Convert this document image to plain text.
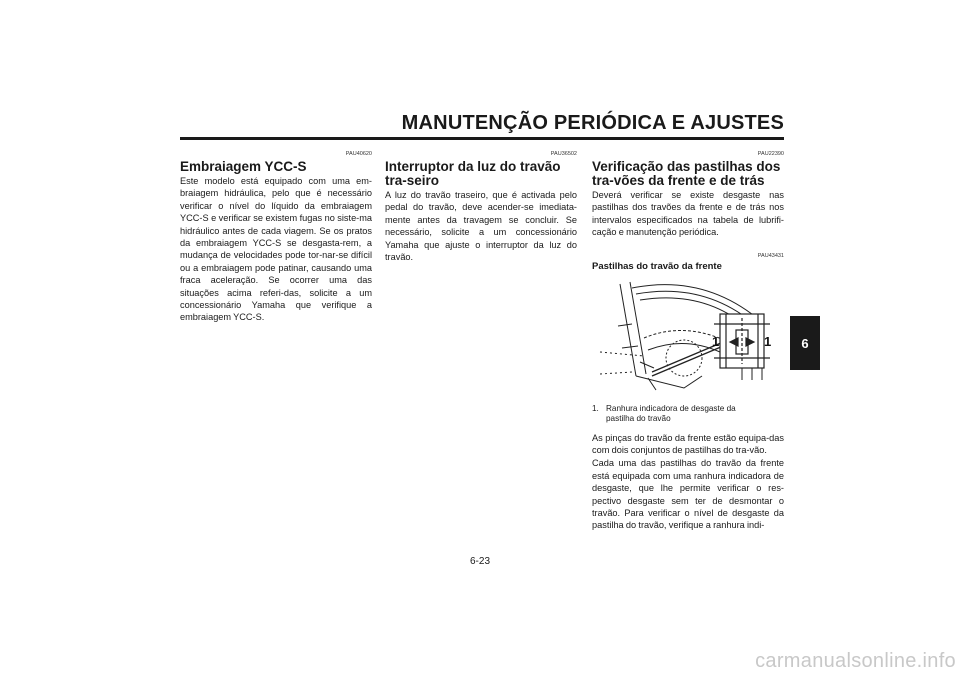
MANUTENÇÃO PERIÓDICA E AJUSTES
PAU40620
Embraiagem YCC-S

Este modelo está equipado com uma em-braiagem hidráulica, pelo que é necessário verificar o nível do líquido da embraiagem YCC-S e verificar se existem fugas no siste-ma hidráulico antes de cada viagem. Se os pratos da embraiagem YCC-S se desgasta-rem, a mudança de velocidades pode tor-nar-se difícil ou a embraiagem pode patinar, causando uma fraca aceleração. Se ocorrer uma das situações acima referi-das, solicite a um concessionário Yamaha que verifique a embraiagem YCC-S.

PAU36502
Interruptor da luz do travão tra-seiro

A luz do travão traseiro, que é activada pelo pedal do travão, deve acender-se imediata-mente antes da travagem se concluir. Se necessário, solicite a um concessionário Yamaha que ajuste o interruptor da luz do travão.

PAU22390
Verificação das pastilhas dos tra-vões da frente e de trás

Deverá verificar se existe desgaste nas pastilhas dos travões da frente e de trás nos intervalos especificados na tabela de lubrifi-cação e manutenção periódica.

PAU43431
Pastilhas do travão da frente
1	1
1. Ranhura indicadora de desgaste da pastilha do travão

As pinças do travão da frente estão equipa-das com dois conjuntos de pastilhas do tra-vão.

Cada uma das pastilhas do travão da frente está equipada com uma ranhura indicadora de desgaste, que lhe permite verificar o res-pectivo desgaste sem ter de desmontar o travão. Para verificar o nível de desgaste da pastilha do travão, verifique a ranhura indi-

6
6-23
carmanualsonline.info
